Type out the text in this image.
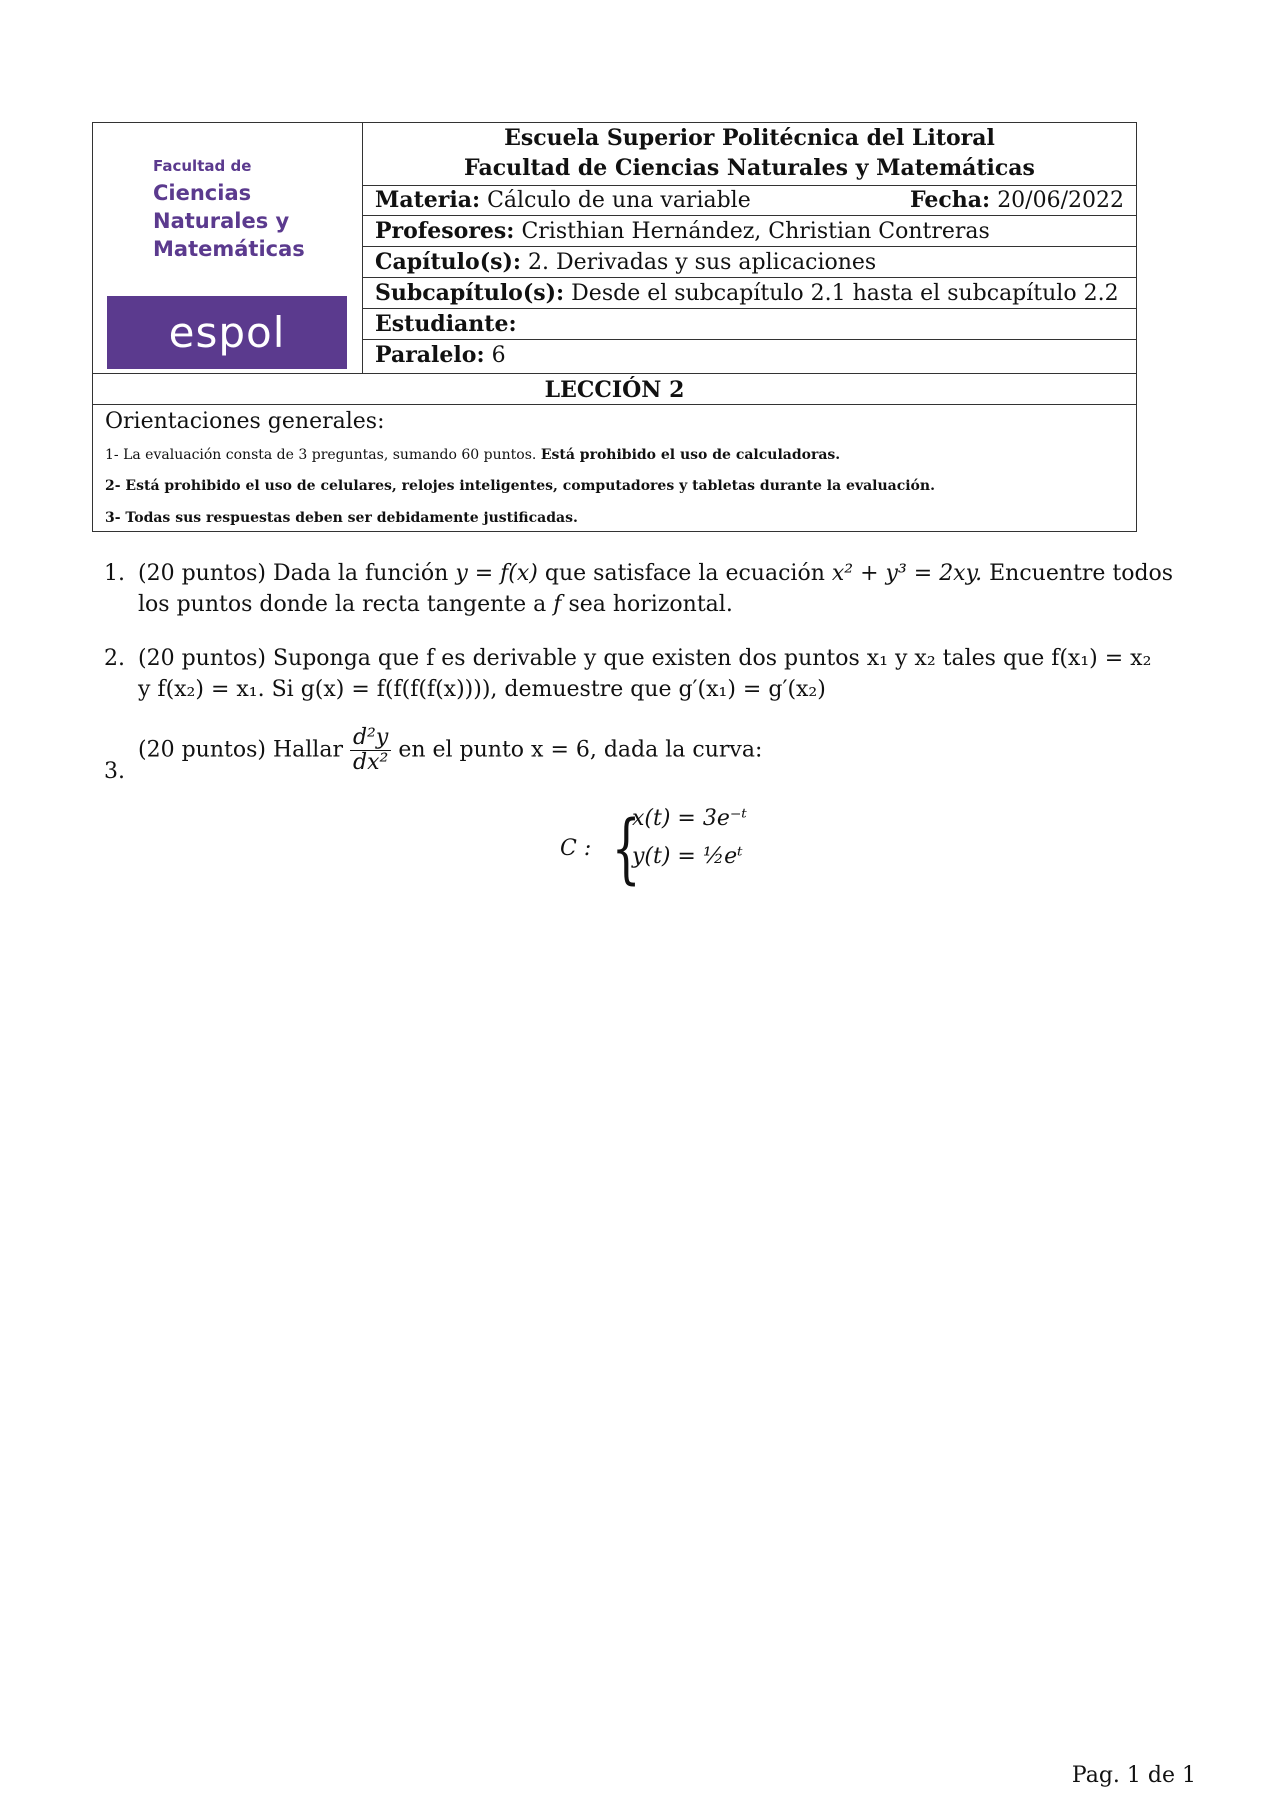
Facultad de
Ciencias
Naturales y
Matemáticas
espol
Escuela Superior Politécnica del Litoral
Facultad de Ciencias Naturales y Matemáticas
Materia: Cálculo de una variable	Fecha: 20/06/2022
Profesores: Cristhian Hernández, Christian Contreras
Capítulo(s): 2. Derivadas y sus aplicaciones
Subcapítulo(s): Desde el subcapítulo 2.1 hasta el subcapítulo 2.2
Estudiante:
Paralelo: 6
LECCIÓN 2
Orientaciones generales:
1- La evaluación consta de 3 preguntas, sumando 60 puntos. Está prohibido el uso de calculadoras.
2- Está prohibido el uso de celulares, relojes inteligentes, computadores y tabletas durante la evaluación.
3- Todas sus respuestas deben ser debidamente justificadas.
1. (20 puntos) Dada la función y = f(x) que satisface la ecuación x² + y³ = 2xy. Encuentre todos
los puntos donde la recta tangente a f sea horizontal.
2. (20 puntos) Suponga que f es derivable y que existen dos puntos x₁ y x₂ tales que f(x₁) = x₂
y f(x₂) = x₁. Si g(x) = f(f(f(f(x)))), demuestre que g′(x₁) = g′(x₂)
3.
(20 puntos) Hallar $\frac{\text{d²y}}{\text{dx²}}$ en el punto x = 6, dada la curva:
C : {
x(t) = 3e⁻ᵗ
y(t) = ½eᵗ
Pag. 1 de 1
